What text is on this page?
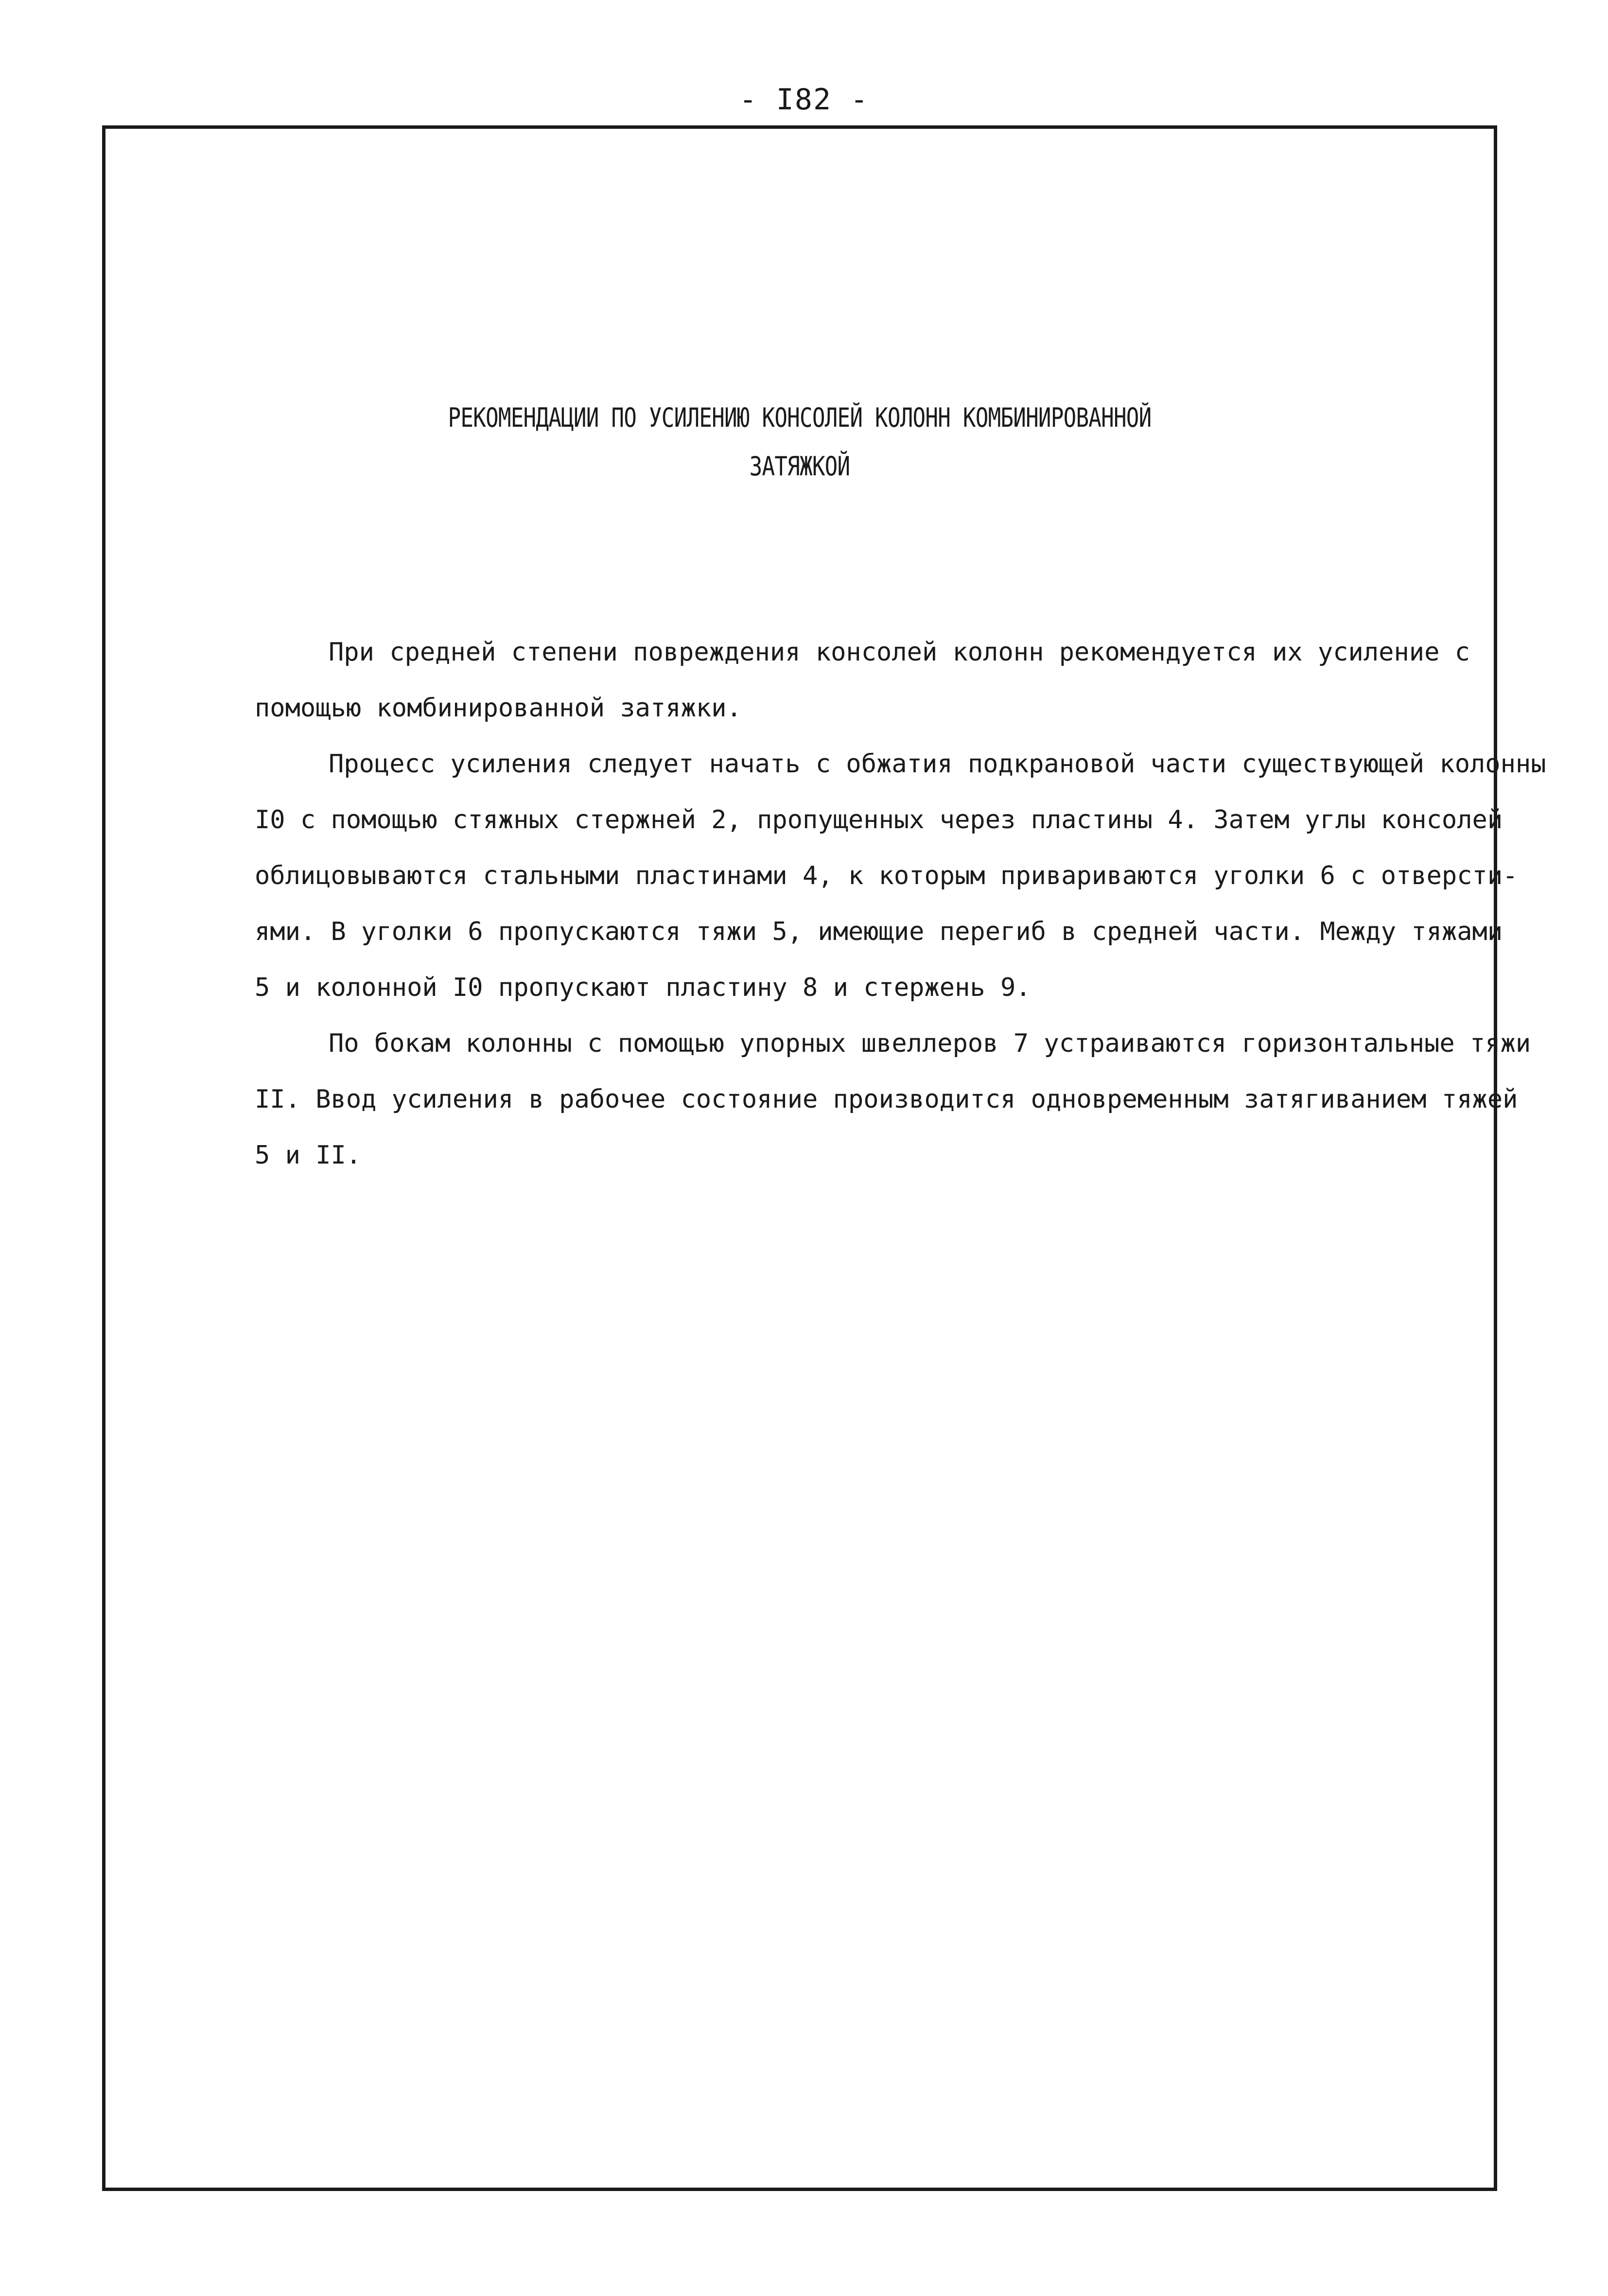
- I82 -
РЕКОМЕНДАЦИИ ПО УСИЛЕНИЮ КОНСОЛЕЙ КОЛОНН КОМБИНИРОВАННОЙ
ЗАТЯЖКОЙ

При средней степени повреждения консолей колонн рекомендуется их усиление с
помощью комбинированной затяжки.

Процесс усиления следует начать с обжатия подкрановой части существующей колонны
I0 с помощью стяжных стержней 2, пропущенных через пластины 4. Затем углы консолей
облицовываются стальными пластинами 4, к которым привариваются уголки 6 с отверсти-
ями. В уголки 6 пропускаются тяжи 5, имеющие перегиб в средней части. Между тяжами
5 и колонной I0 пропускают пластину 8 и стержень 9.

По бокам колонны с помощью упорных швеллеров 7 устраиваются горизонтальные тяжи
II. Ввод усиления в рабочее состояние производится одновременным затягиванием тяжей
5 и II.
